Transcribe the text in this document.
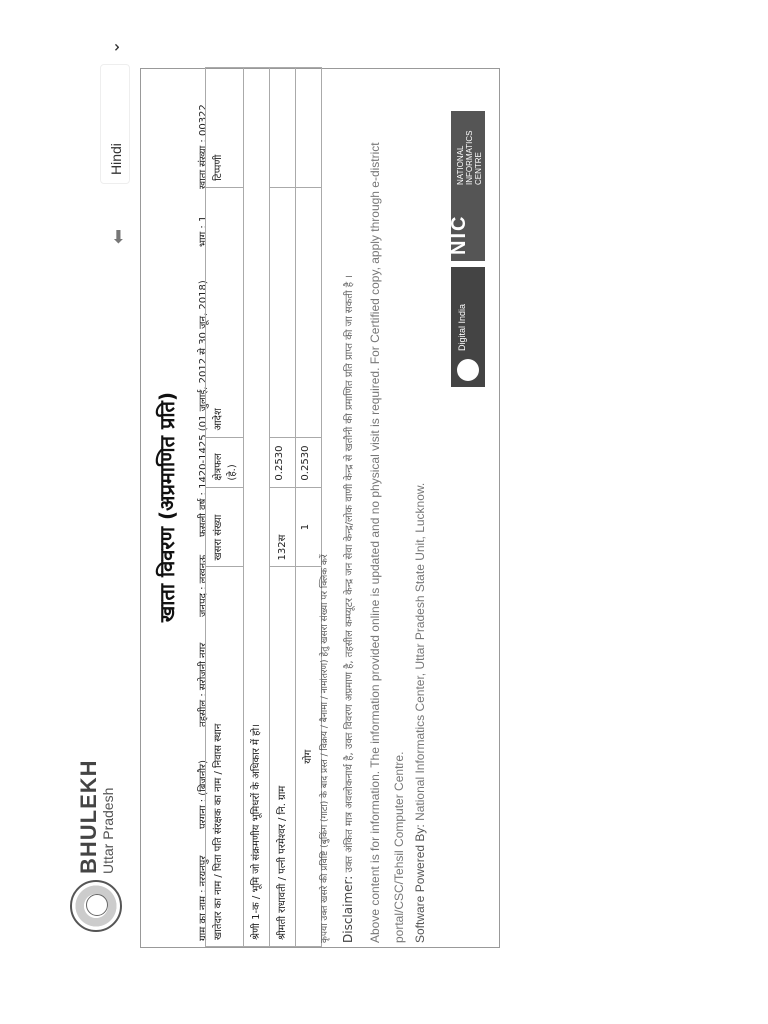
BHULEKH Uttar Pradesh
⬅
Hindi
⌄
खाता विवरण (अप्रमाणित प्रति)
ग्राम का नाम : नरयनपुर
परगना : (बिजनौर)
तहसील : सरोजनी नगर
जनपद : लखनऊ
फसली वर्ष : 1420-1425 (01 जुलाई, 2012 से 30 जून, 2018)
भाग : 1
खाता संख्या : 00322
खातेदार का नाम / पिता पति संरक्षक का नाम / निवास स्थान	खसरा संख्या	क्षेत्रफल (हे.)	आदेश	टिप्पणी
श्रेणी 1-क / भूमि जो संक्रमणीय भूमिधरों के अधिकार में हो।				
श्रीमती राधावती / पत्नी परमेश्वर / नि. ग्राम	132स	0.2530		
योग	1	0.2530		
कृपया उक्त खसरे की प्रविष्टि (बुकिंग (गाटा) के बाद प्रस्त / विक्रय / बैनामा / नामांतरण) हेतु खसरा संख्या पर क्लिक करें Disclaimer: उक्त अंकित मात्र अवलोकनार्थ है, उक्त विवरण अप्रमाण है, तहसील कम्प्यूटर केन्द्र जन सेवा केन्द्र/लोक वाणी केन्द्र से खतौनी की प्रमाणित प्रति प्राप्त की जा सकती है ।	Above content is for information. The information provided online is updated and no physical visit is required. For Certified copy, apply through e-district portal/CSC/Tehsil Computer Centre. Software Powered By: National Informatics Center, Uttar Pradesh State Unit, Lucknow.
Digital India
NIC
NATIONAL INFORMATICS CENTRE
